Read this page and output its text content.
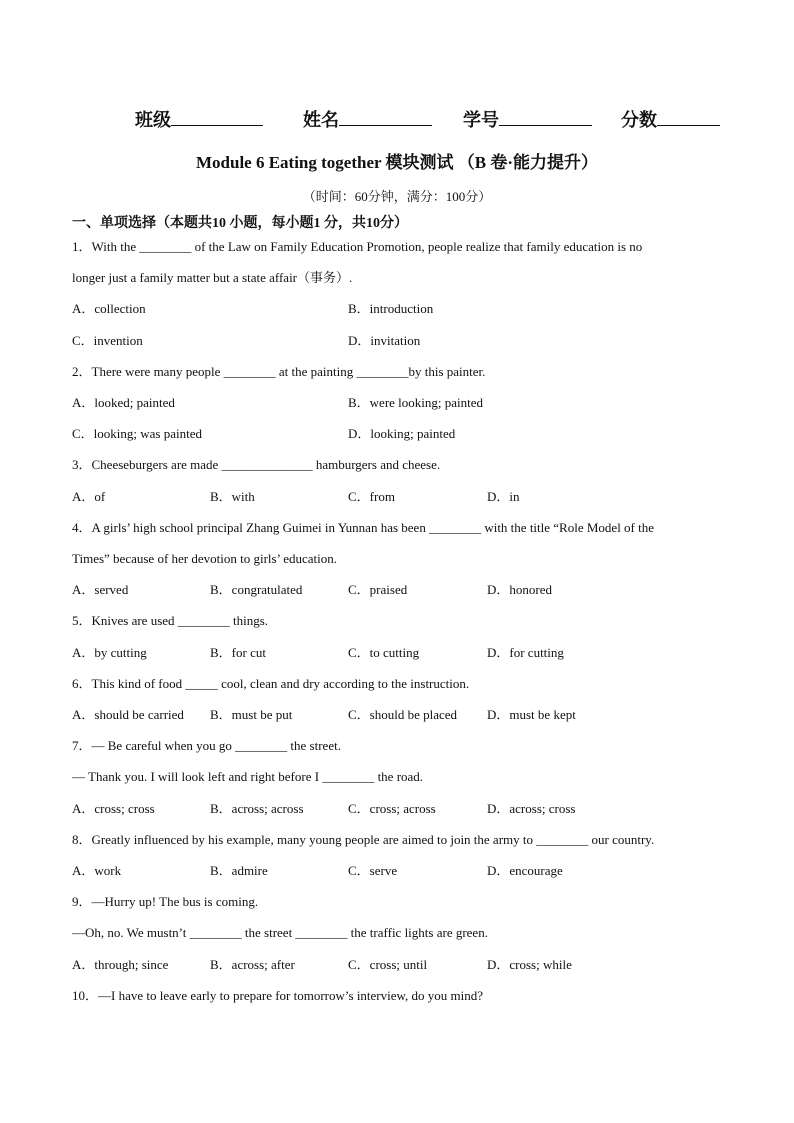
班级	姓名	学号	分数
Module 6 Eating together 模块测试 （B 卷·能力提升）
（时间：60分钟，满分：100分）
一、单项选择（本题共10 小题，每小题1 分，共10分）
1．With the ________ of the Law on Family Education Promotion, people realize that family education is no
longer just a family matter but a state affair（事务）.
A．collection	B．introduction
C．invention	D．invitation
2．There were many people ________ at the painting ________by this painter.
A．looked; painted	B．were looking; painted
C．looking; was painted	D．looking; painted
3．Cheeseburgers are made ______________ hamburgers and cheese.
A．of	B．with	C．from	D．in
4．A girls’ high school principal Zhang Guimei in Yunnan has been ________ with the title “Role Model of the
Times” because of her devotion to girls’ education.
A．served	B．congratulated	C．praised	D．honored
5．Knives are used ________ things.
A．by cutting	B．for cut	C．to cutting	D．for cutting
6．This kind of food _____ cool, clean and dry according to the instruction.
A．should be carried B．must be put	C．should be placed D．must be kept
7．— Be careful when you go ________ the street.
— Thank you. I will look left and right before I ________ the road.
A．cross; cross	B．across; across	C．cross; across	D．across; cross
8．Greatly influenced by his example, many young people are aimed to join the army to ________ our country.
A．work	B．admire	C．serve	D．encourage
9．—Hurry up! The bus is coming.
—Oh, no. We mustn’t ________ the street ________ the traffic lights are green.
A．through; since	B．across; after	C．cross; until	D．cross; while
10．—I have to leave early to prepare for tomorrow’s interview, do you mind?
